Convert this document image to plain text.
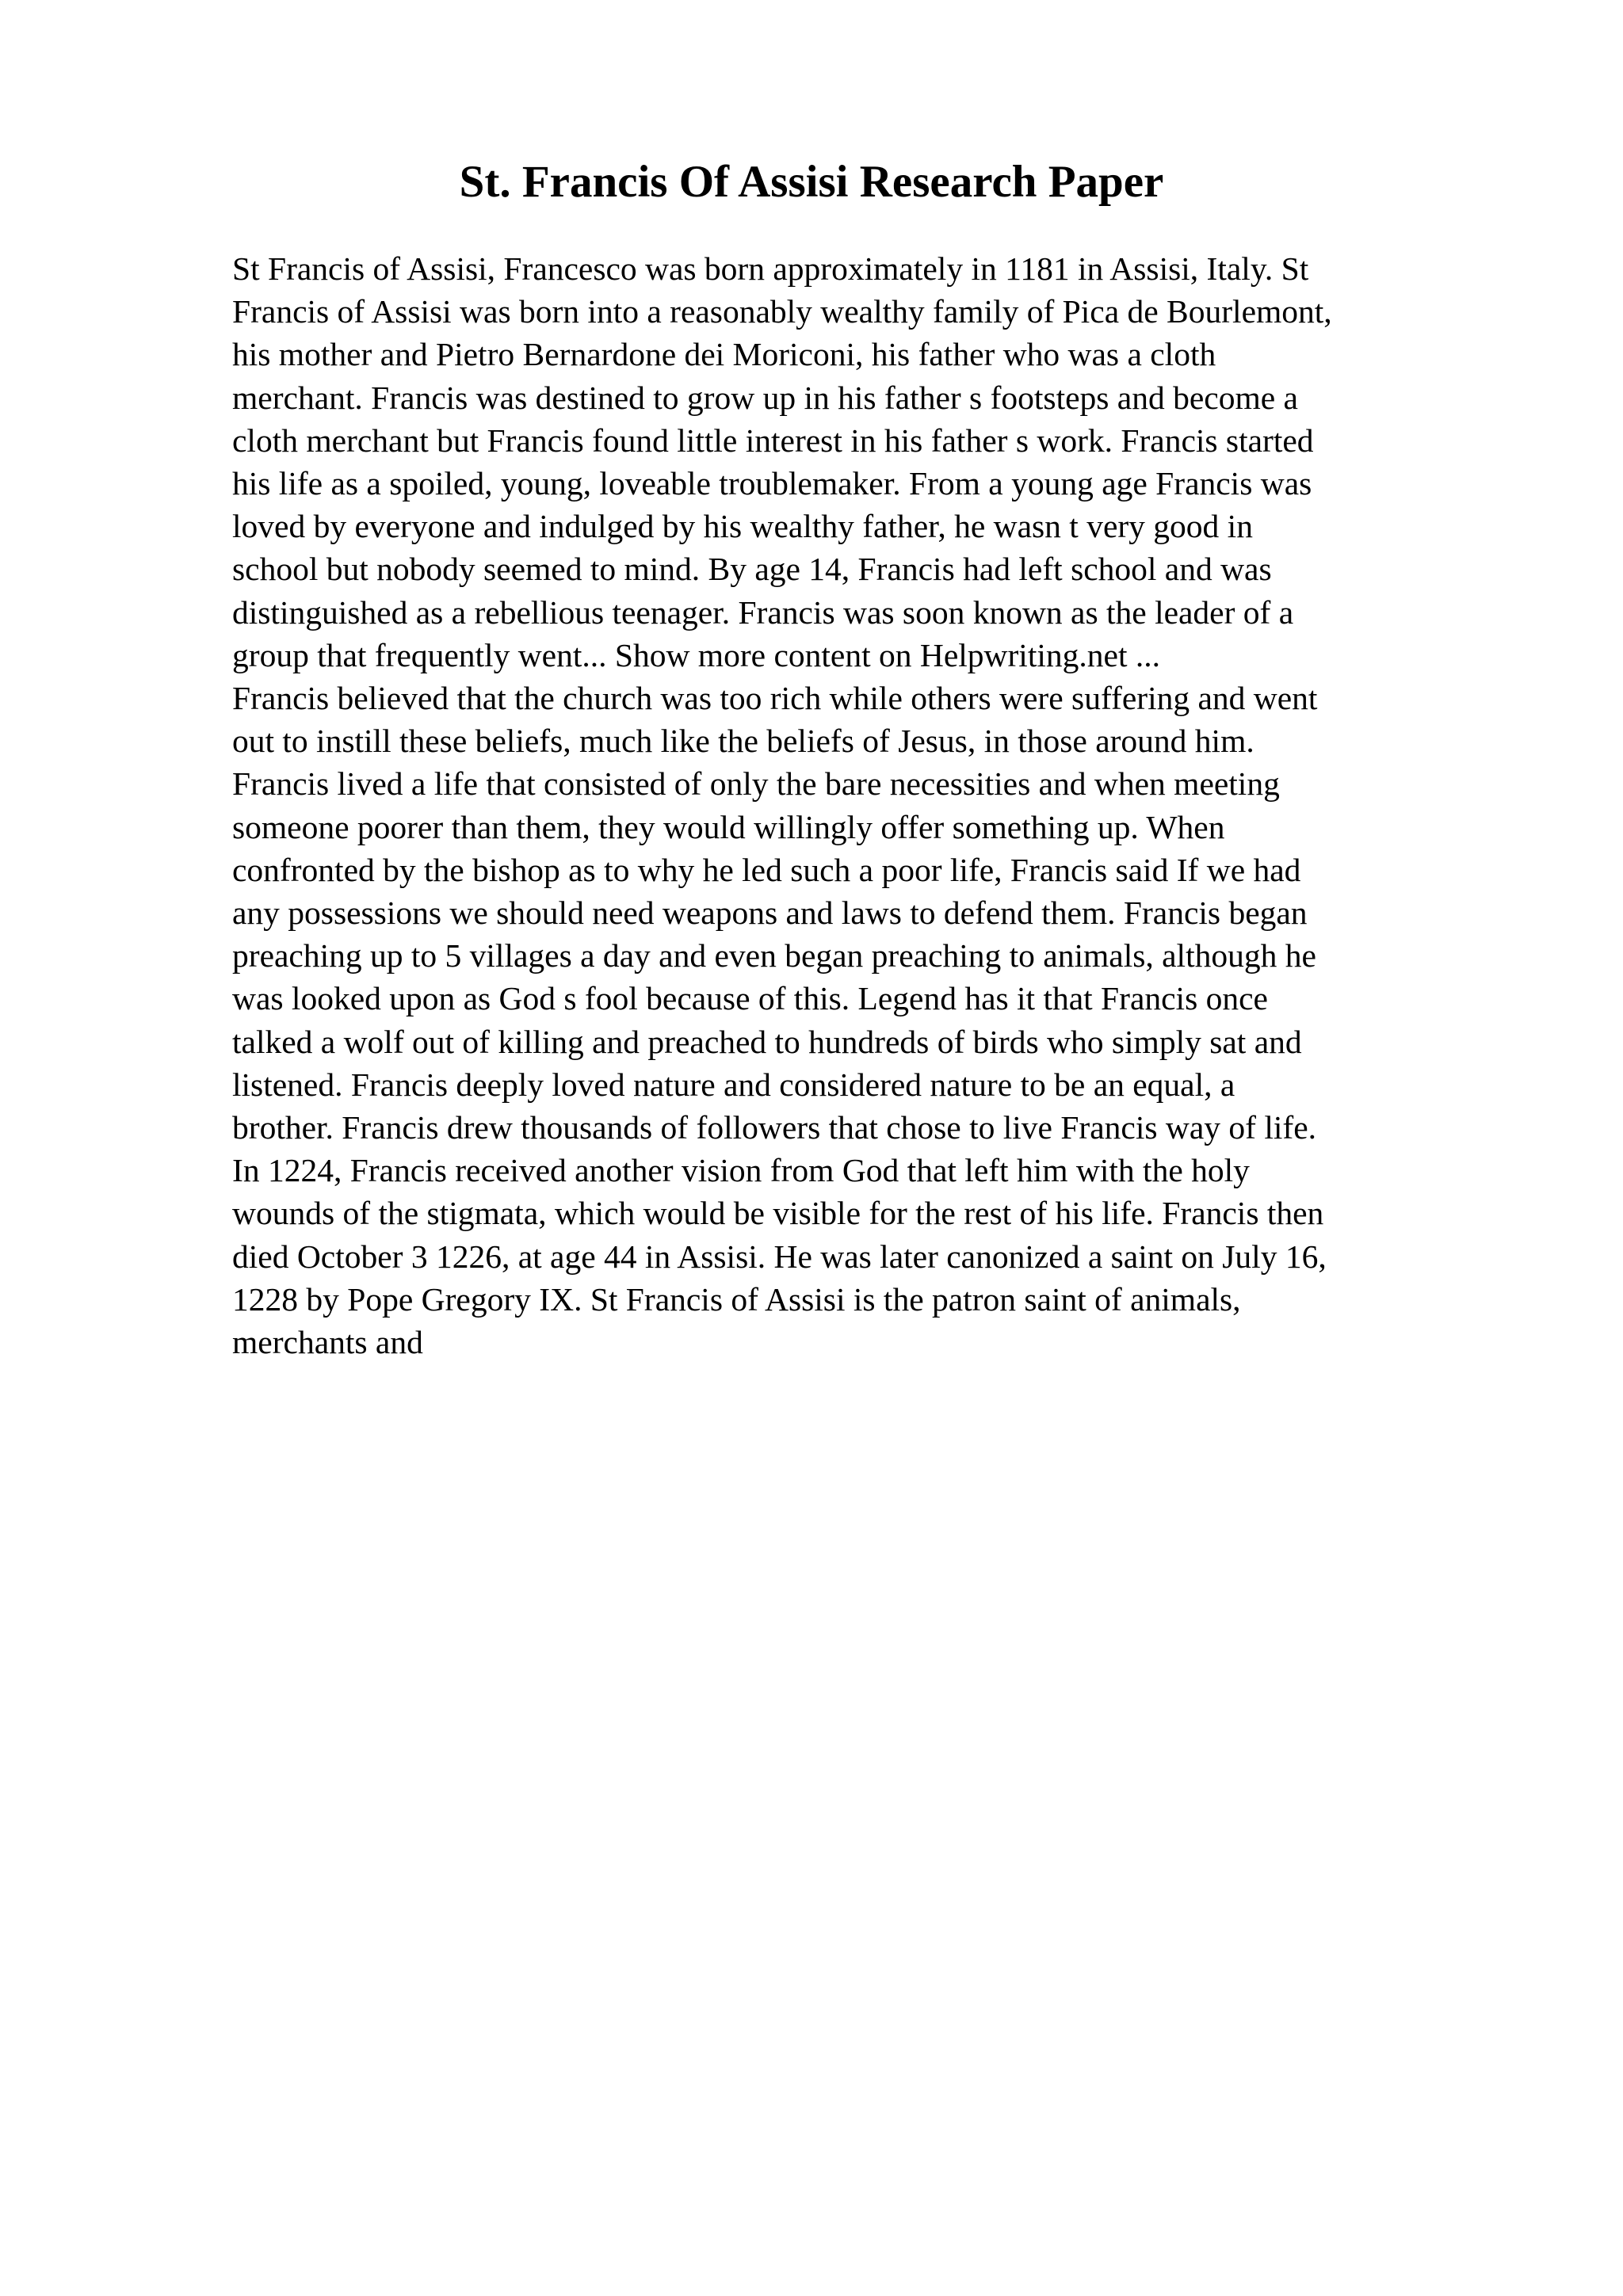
St. Francis Of Assisi Research Paper
St Francis of Assisi, Francesco was born approximately in 1181 in Assisi, Italy. St
Francis of Assisi was born into a reasonably wealthy family of Pica de Bourlemont,
his mother and Pietro Bernardone dei Moriconi, his father who was a cloth
merchant. Francis was destined to grow up in his father s footsteps and become a
cloth merchant but Francis found little interest in his father s work. Francis started
his life as a spoiled, young, loveable troublemaker. From a young age Francis was
loved by everyone and indulged by his wealthy father, he wasn t very good in
school but nobody seemed to mind. By age 14, Francis had left school and was
distinguished as a rebellious teenager. Francis was soon known as the leader of a
group that frequently went... Show more content on Helpwriting.net ...
Francis believed that the church was too rich while others were suffering and went
out to instill these beliefs, much like the beliefs of Jesus, in those around him.
Francis lived a life that consisted of only the bare necessities and when meeting
someone poorer than them, they would willingly offer something up. When
confronted by the bishop as to why he led such a poor life, Francis said If we had
any possessions we should need weapons and laws to defend them. Francis began
preaching up to 5 villages a day and even began preaching to animals, although he
was looked upon as God s fool because of this. Legend has it that Francis once
talked a wolf out of killing and preached to hundreds of birds who simply sat and
listened. Francis deeply loved nature and considered nature to be an equal, a
brother. Francis drew thousands of followers that chose to live Francis way of life.
In 1224, Francis received another vision from God that left him with the holy
wounds of the stigmata, which would be visible for the rest of his life. Francis then
died October 3 1226, at age 44 in Assisi. He was later canonized a saint on July 16,
1228 by Pope Gregory IX. St Francis of Assisi is the patron saint of animals,
merchants and
